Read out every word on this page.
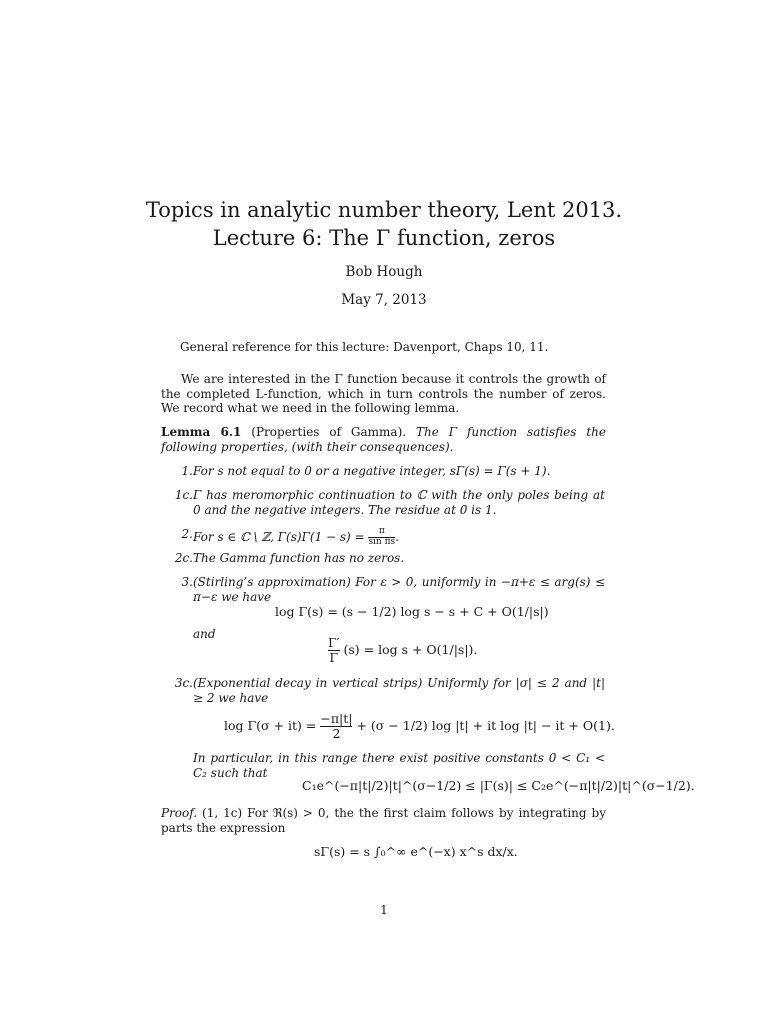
Topics in analytic number theory, Lent 2013.
Lecture 6: The Γ function, zeros
Bob Hough
May 7, 2013
General reference for this lecture: Davenport, Chaps 10, 11.
We are interested in the Γ function because it controls the growth of the completed L-function, which in turn controls the number of zeros. We record what we need in the following lemma.
Lemma 6.1 (Properties of Gamma). The Γ function satisfies the following properties, (with their consequences).
1. For s not equal to 0 or a negative integer, sΓ(s) = Γ(s + 1).
1c. Γ has meromorphic continuation to ℂ with the only poles being at 0 and the negative integers. The residue at 0 is 1.
2. For s ∈ ℂ \ ℤ, $\Gamma(s)\Gamma(1 - s) = \frac{\pi}{\text{sin πs}}$ .
2c. The Gamma function has no zeros.
3. (Stirling’s approximation) For ε > 0, uniformly in −π+ε ≤ arg(s) ≤ π−ε we have
log Γ(s) = (s − 1/2) log s − s + C + O(1/|s|)
and
$\frac{\Gamma'}{\Gamma} (s) = \log s + O(1/|s|)$.
3c. (Exponential decay in vertical strips) Uniformly for |σ| ≤ 2 and |t| ≥ 2 we have
$\log \Gamma(\sigma + it) = \frac{-\pi|t|}{2} + (\sigma - 1/2)$ log |t| + it log |t| − it + O(1).
In particular, in this range there exist positive constants 0 < C₁ < C₂ such that
C₁e^(−π|t|/2)|t|^(σ−1/2) ≤ |Γ(s)| ≤ C₂e^(−π|t|/2)|t|^(σ−1/2).
Proof. (1, 1c) For ℜ(s) > 0, the the first claim follows by integrating by parts the expression
sΓ(s) = s ∫₀^∞ e^(−x) x^s dx/x.
1
